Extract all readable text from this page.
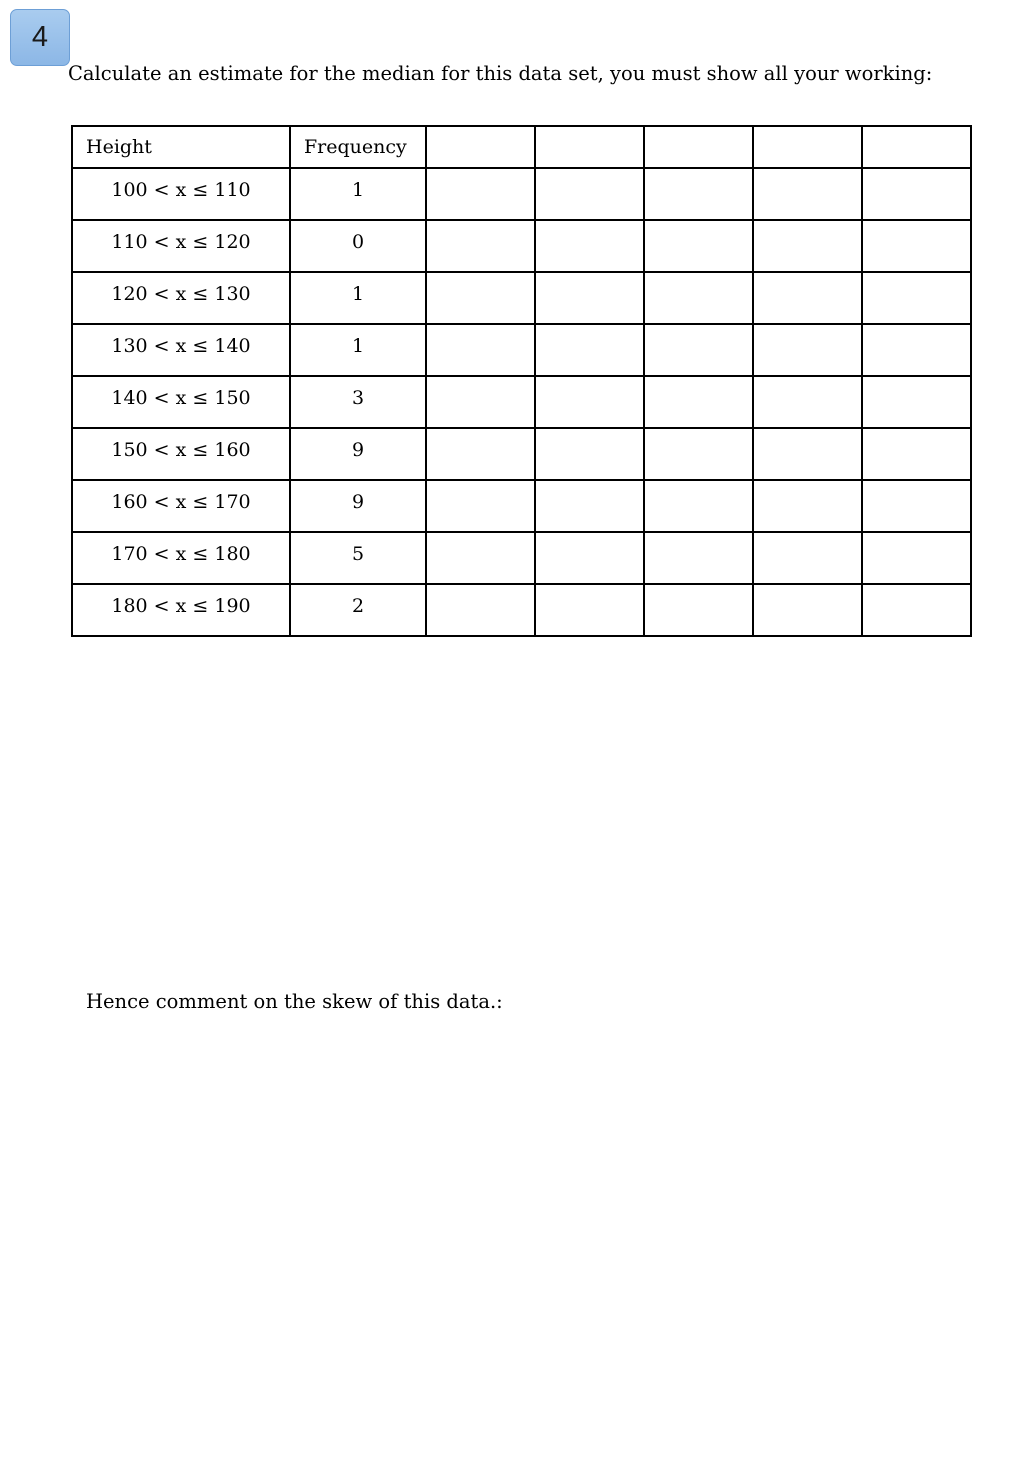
4
Calculate an estimate for the median for this data set, you must show all your working:
Height	Frequency					
100 < x ≤ 110	1					
110 < x ≤ 120	0					
120 < x ≤ 130	1					
130 < x ≤ 140	1					
140 < x ≤ 150	3					
150 < x ≤ 160	9					
160 < x ≤ 170	9					
170 < x ≤ 180	5					
180 < x ≤ 190	2					
Hence comment on the skew of this data.:
